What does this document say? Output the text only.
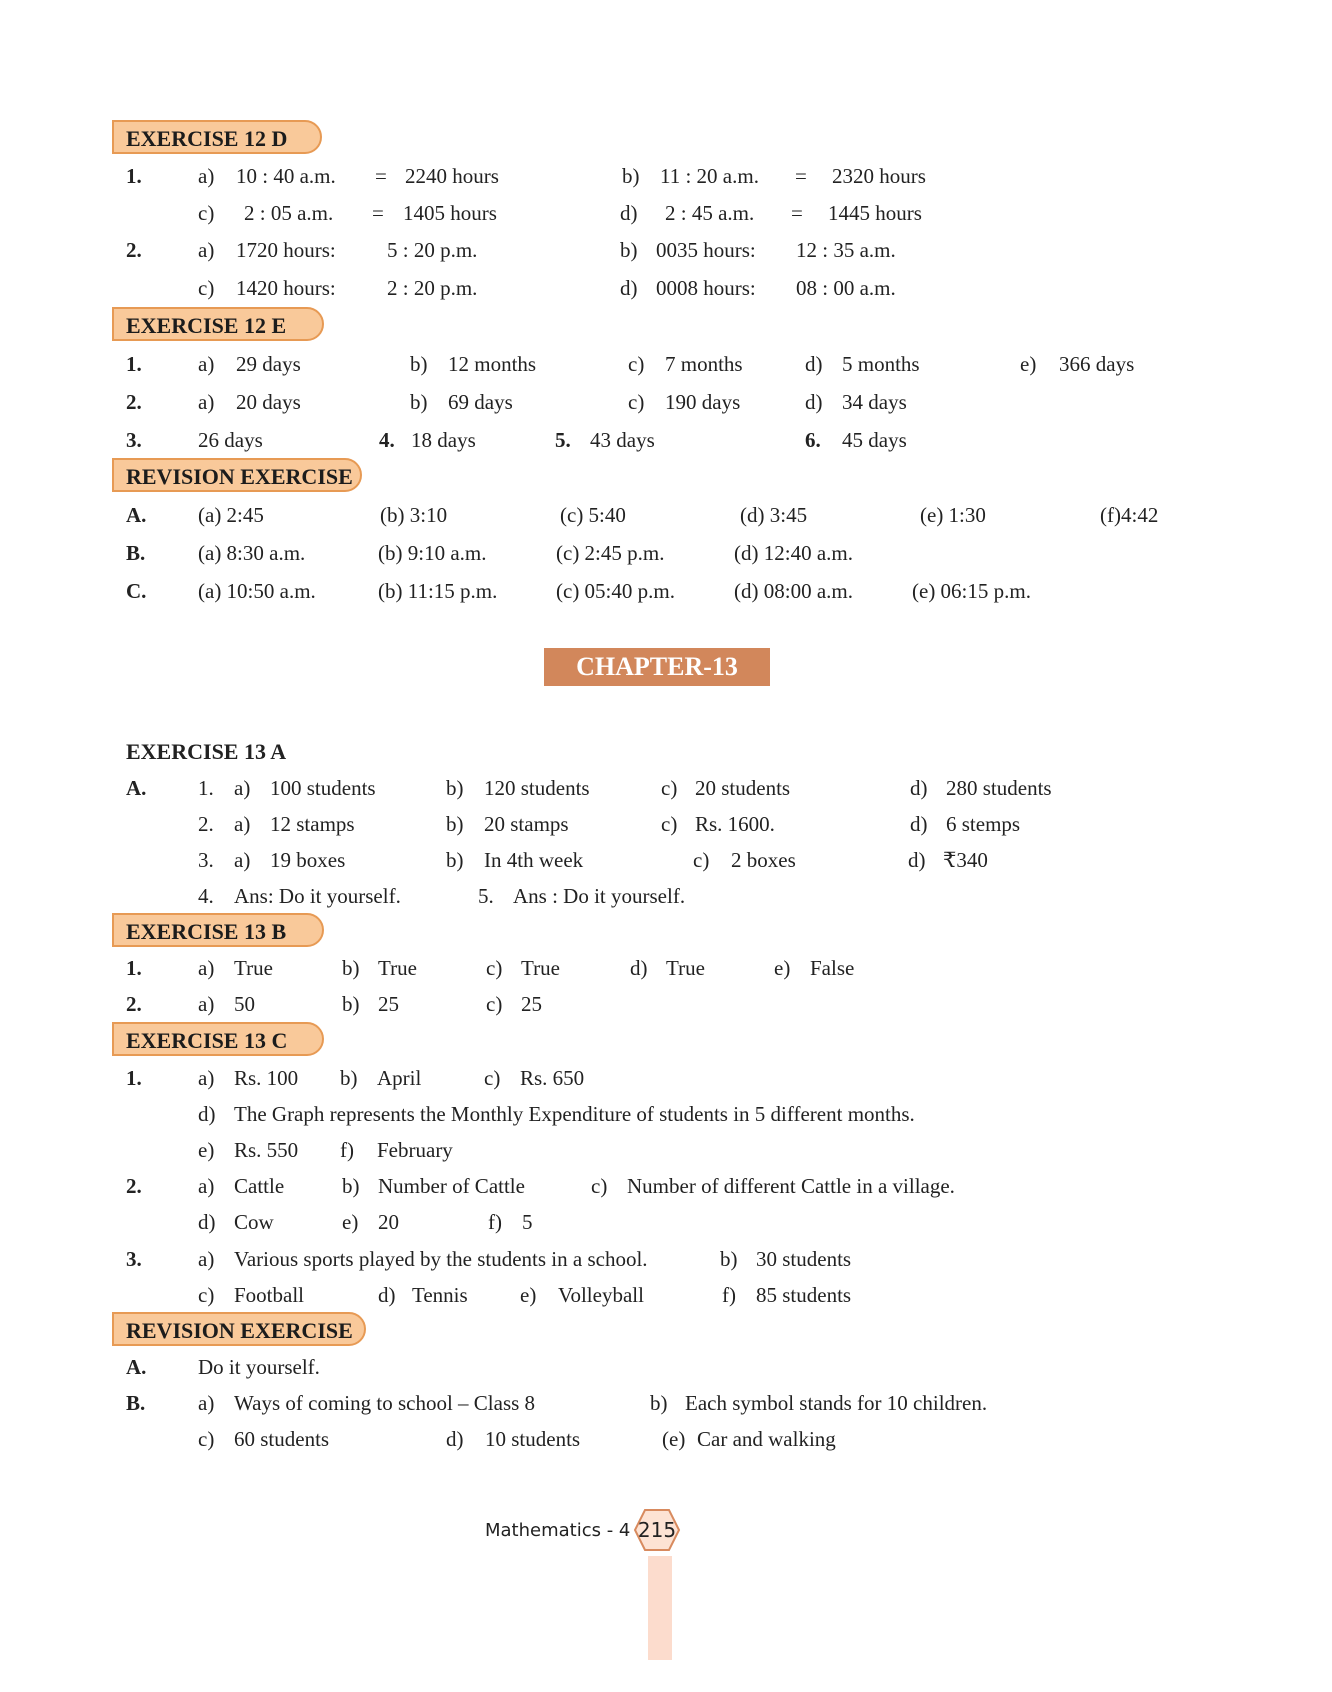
EXERCISE 12 D
1.	a) 10 : 40 a.m. = 2240 hours	b) 11 : 20 a.m. = 2320 hours
c) 2 : 05 a.m. = 1405 hours	d) 2 : 45 a.m. = 1445 hours
2.	a) 1720 hours: 5 : 20 p.m.	b) 0035 hours: 12 : 35 a.m.
c) 1420 hours: 2 : 20 p.m.	d) 0008 hours: 08 : 00 a.m.
EXERCISE 12 E
1.	a) 29 days	b) 12 months	c) 7 months	d) 5 months	e) 366 days
2.	a) 20 days	b) 69 days	c) 190 days	d) 34 days
3.	26 days	4. 18 days	5. 43 days	6. 45 days
REVISION EXERCISE
A. (a) 2:45	(b) 3:10	(c) 5:40	(d) 3:45	(e) 1:30	(f)4:42
B.	(a) 8:30 a.m.	(b) 9:10 a.m.	(c) 2:45 p.m.	(d) 12:40 a.m.
C. (a) 10:50 a.m.	(b) 11:15 p.m.	(c) 05:40 p.m.	(d) 08:00 a.m.	(e) 06:15 p.m.
CHAPTER-13
EXERCISE 13 A
A. 1. a) 100 students	b) 120 students	c) 20 students	d) 280 students
2. a) 12 stamps	b) 20 stamps	c) Rs. 1600.	d) 6 stemps
3. a) 19 boxes	b) In 4th week	c) 2 boxes	d) ₹340
4. Ans: Do it yourself.	5. Ans : Do it yourself.
EXERCISE 13 B
1.	a) True	b) True	c) True	d) True	e) False
2.	a) 50	b) 25	c) 25
EXERCISE 13 C
1.	a) Rs. 100 b) April	c) Rs. 650
d) The Graph represents the Monthly Expenditure of students in 5 different months.
e) Rs. 550 f) February
2.	a) Cattle	b) Number of Cattle	c) Number of different Cattle in a village.
d) Cow	e) 20	f) 5
3.	a) Various sports played by the students in a school.	b) 30 students
c) Football	d) Tennis e) Volleyball	f) 85 students
REVISION EXERCISE
A. Do it yourself.
B.	a) Ways of coming to school – Class 8	b) Each symbol stands for 10 children.
c) 60 students	d) 10 students	(e) Car and walking
Mathematics - 4 215
